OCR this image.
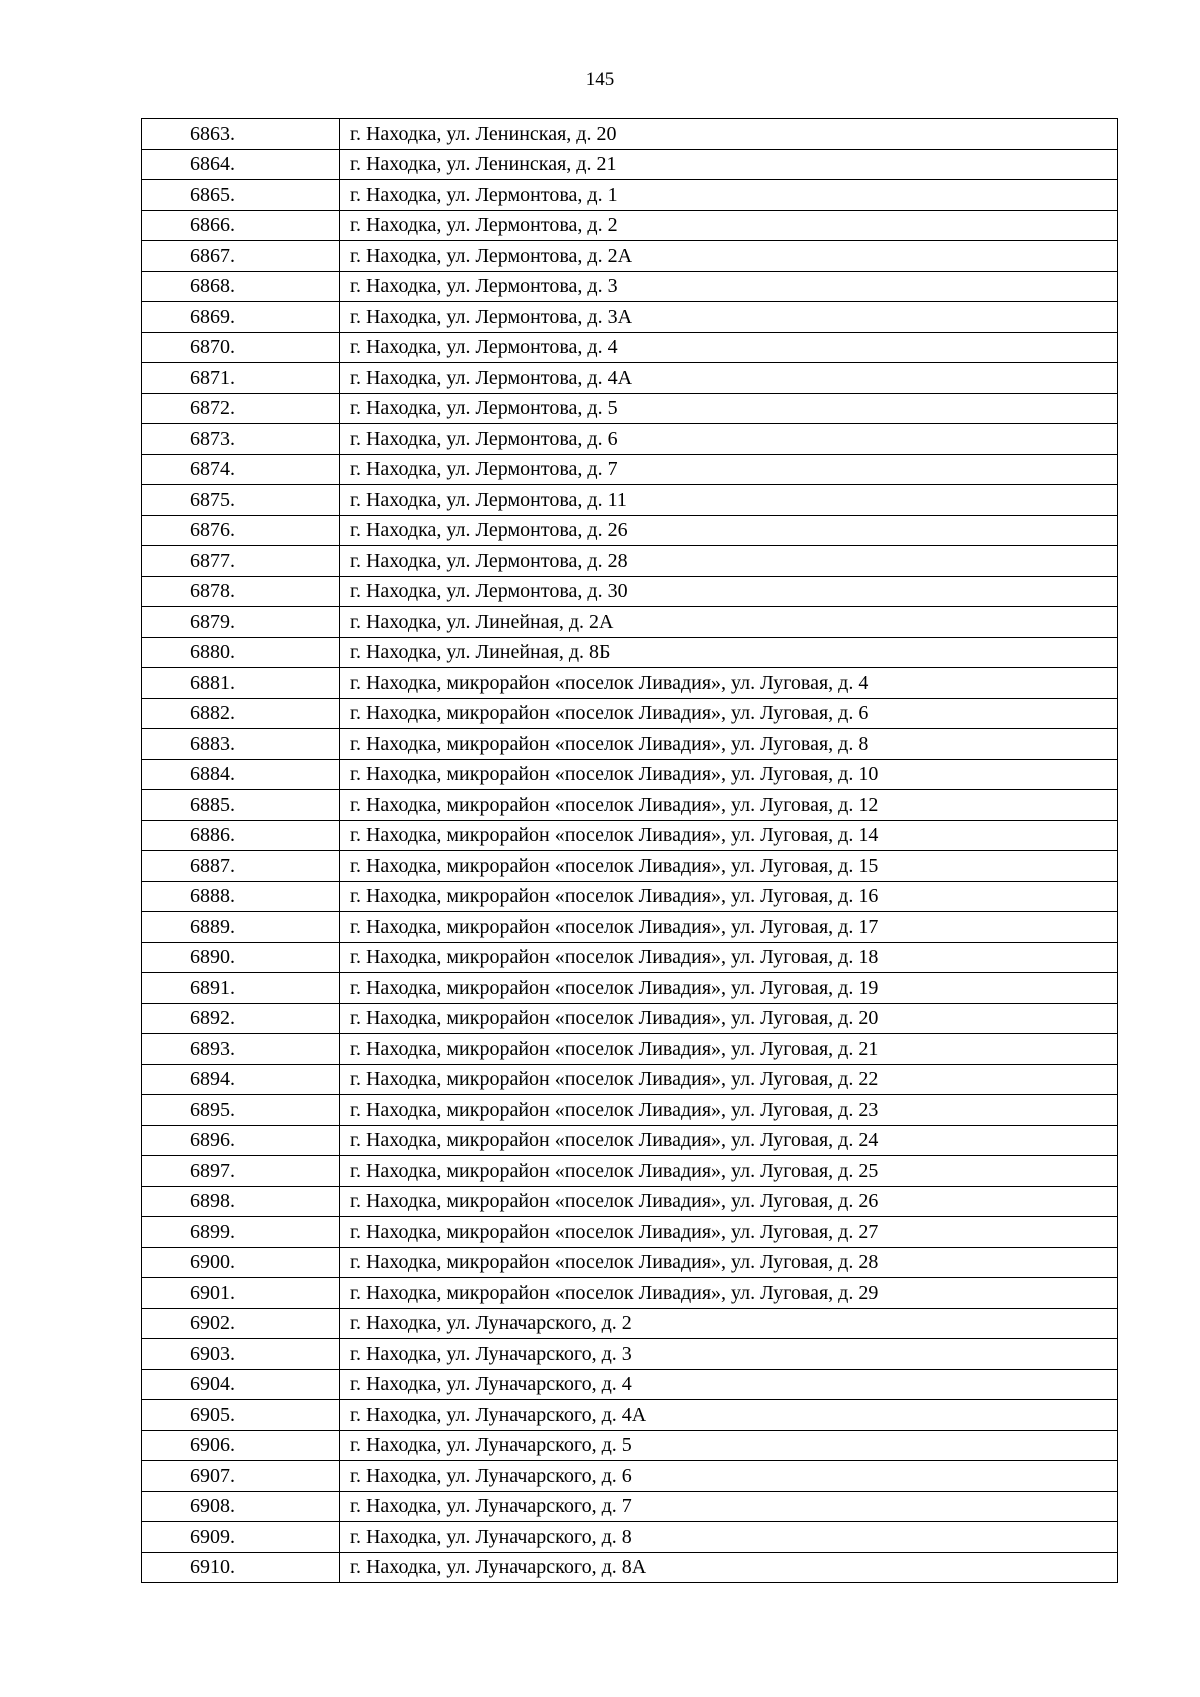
145
6863.	г. Находка, ул. Ленинская, д. 20
6864.	г. Находка, ул. Ленинская, д. 21
6865.	г. Находка, ул. Лермонтова, д. 1
6866.	г. Находка, ул. Лермонтова, д. 2
6867.	г. Находка, ул. Лермонтова, д. 2А
6868.	г. Находка, ул. Лермонтова, д. 3
6869.	г. Находка, ул. Лермонтова, д. 3А
6870.	г. Находка, ул. Лермонтова, д. 4
6871.	г. Находка, ул. Лермонтова, д. 4А
6872.	г. Находка, ул. Лермонтова, д. 5
6873.	г. Находка, ул. Лермонтова, д. 6
6874.	г. Находка, ул. Лермонтова, д. 7
6875.	г. Находка, ул. Лермонтова, д. 11
6876.	г. Находка, ул. Лермонтова, д. 26
6877.	г. Находка, ул. Лермонтова, д. 28
6878.	г. Находка, ул. Лермонтова, д. 30
6879.	г. Находка, ул. Линейная, д. 2А
6880.	г. Находка, ул. Линейная, д. 8Б
6881.	г. Находка, микрорайон «поселок Ливадия», ул. Луговая, д. 4
6882.	г. Находка, микрорайон «поселок Ливадия», ул. Луговая, д. 6
6883.	г. Находка, микрорайон «поселок Ливадия», ул. Луговая, д. 8
6884.	г. Находка, микрорайон «поселок Ливадия», ул. Луговая, д. 10
6885.	г. Находка, микрорайон «поселок Ливадия», ул. Луговая, д. 12
6886.	г. Находка, микрорайон «поселок Ливадия», ул. Луговая, д. 14
6887.	г. Находка, микрорайон «поселок Ливадия», ул. Луговая, д. 15
6888.	г. Находка, микрорайон «поселок Ливадия», ул. Луговая, д. 16
6889.	г. Находка, микрорайон «поселок Ливадия», ул. Луговая, д. 17
6890.	г. Находка, микрорайон «поселок Ливадия», ул. Луговая, д. 18
6891.	г. Находка, микрорайон «поселок Ливадия», ул. Луговая, д. 19
6892.	г. Находка, микрорайон «поселок Ливадия», ул. Луговая, д. 20
6893.	г. Находка, микрорайон «поселок Ливадия», ул. Луговая, д. 21
6894.	г. Находка, микрорайон «поселок Ливадия», ул. Луговая, д. 22
6895.	г. Находка, микрорайон «поселок Ливадия», ул. Луговая, д. 23
6896.	г. Находка, микрорайон «поселок Ливадия», ул. Луговая, д. 24
6897.	г. Находка, микрорайон «поселок Ливадия», ул. Луговая, д. 25
6898.	г. Находка, микрорайон «поселок Ливадия», ул. Луговая, д. 26
6899.	г. Находка, микрорайон «поселок Ливадия», ул. Луговая, д. 27
6900.	г. Находка, микрорайон «поселок Ливадия», ул. Луговая, д. 28
6901.	г. Находка, микрорайон «поселок Ливадия», ул. Луговая, д. 29
6902.	г. Находка, ул. Луначарского, д. 2
6903.	г. Находка, ул. Луначарского, д. 3
6904.	г. Находка, ул. Луначарского, д. 4
6905.	г. Находка, ул. Луначарского, д. 4А
6906.	г. Находка, ул. Луначарского, д. 5
6907.	г. Находка, ул. Луначарского, д. 6
6908.	г. Находка, ул. Луначарского, д. 7
6909.	г. Находка, ул. Луначарского, д. 8
6910.	г. Находка, ул. Луначарского, д. 8А
